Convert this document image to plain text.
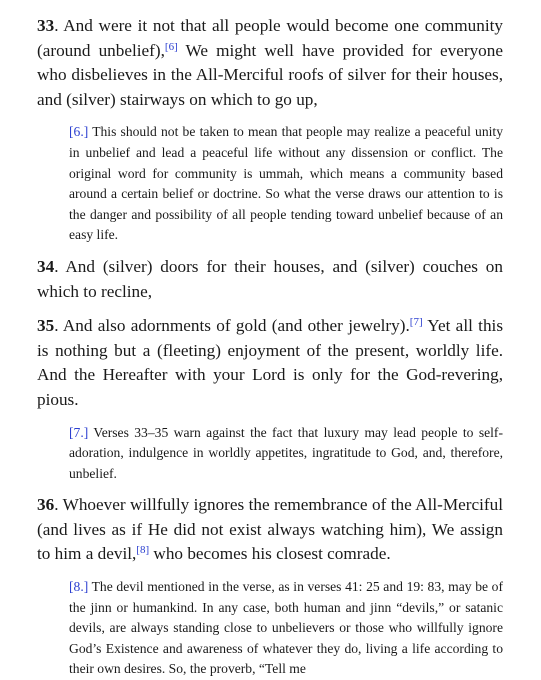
33. And were it not that all people would become one community (around unbelief),[6] We might well have provided for everyone who disbelieves in the All-Merciful roofs of silver for their houses, and (silver) stairways on which to go up,

[6.] This should not be taken to mean that people may realize a peaceful unity in unbelief and lead a peaceful life without any dissension or conflict. The original word for community is ummah, which means a community based around a certain belief or doctrine. So what the verse draws our attention to is the danger and possibility of all people tending toward unbelief because of an easy life.

34. And (silver) doors for their houses, and (silver) couches on which to recline,

35. And also adornments of gold (and other jewelry).[7] Yet all this is nothing but a (fleeting) enjoyment of the present, worldly life. And the Hereafter with your Lord is only for the God-revering, pious.

[7.] Verses 33–35 warn against the fact that luxury may lead people to self-adoration, indulgence in worldly appetites, ingratitude to God, and, therefore, unbelief.

36. Whoever willfully ignores the remembrance of the All-Merciful (and lives as if He did not exist always watching him), We assign to him a devil,[8] who becomes his closest comrade.

[8.] The devil mentioned in the verse, as in verses 41: 25 and 19: 83, may be of the jinn or humankind. In any case, both human and jinn “devils,” or satanic devils, are always standing close to unbelievers or those who willfully ignore God’s Existence and awareness of whatever they do, living a life according to their own desires. So, the proverb, “Tell me
